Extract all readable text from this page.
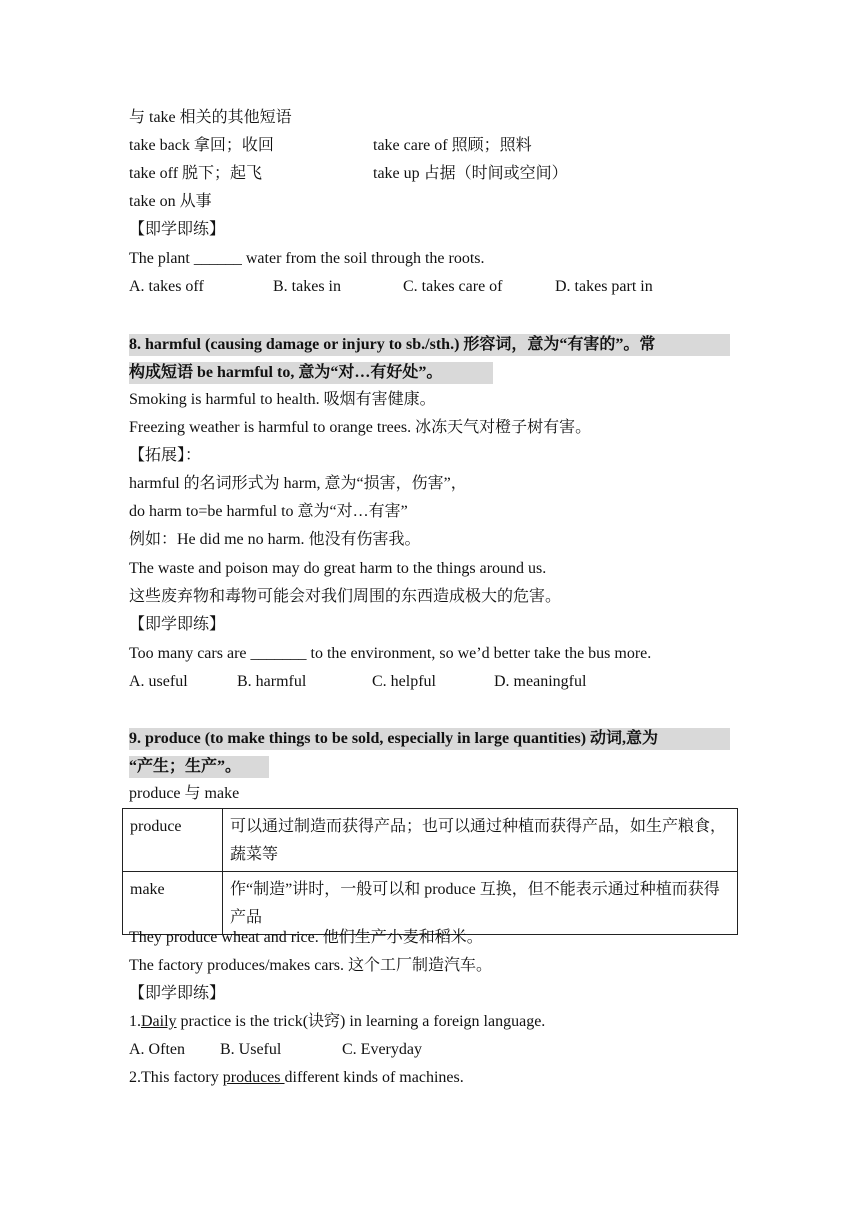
与 take 相关的其他短语
take back 拿回；收回	take care of 照顾；照料
take off 脱下；起飞	take up 占据（时间或空间）
take on 从事
【即学即练】
The plant ______ water from the soil through the roots.
A. takes off	B. takes in	C. takes care of	D. takes part in
8. harmful (causing damage or injury to sb./sth.) 形容词，意为“有害的”。常
构成短语 be harmful to, 意为“对…有好处”。
Smoking is harmful to health. 吸烟有害健康。
Freezing weather is harmful to orange trees. 冰冻天气对橙子树有害。
【拓展】：
harmful 的名词形式为 harm, 意为“损害，伤害”，
do harm to=be harmful to 意为“对…有害”
例如：He did me no harm. 他没有伤害我。
The waste and poison may do great harm to the things around us.
这些废弃物和毒物可能会对我们周围的东西造成极大的危害。
【即学即练】
Too many cars are _______ to the environment, so we’d better take the bus more.
A. useful	B. harmful	C. helpful	D. meaningful
9. produce (to make things to be sold, especially in large quantities) 动词,意为
“产生；生产”。
produce 与 make
produce	可以通过制造而获得产品；也可以通过种植而获得产品，如生产粮食，蔬菜等
make	作“制造”讲时，一般可以和 produce 互换，但不能表示通过种植而获得产品
They produce wheat and rice. 他们生产小麦和稻米。
The factory produces/makes cars. 这个工厂制造汽车。
【即学即练】
1.Daily practice is the trick(诀窍) in learning a foreign language.
A. Often B. Useful	C. Everyday
2.This factory produces different kinds of machines.
